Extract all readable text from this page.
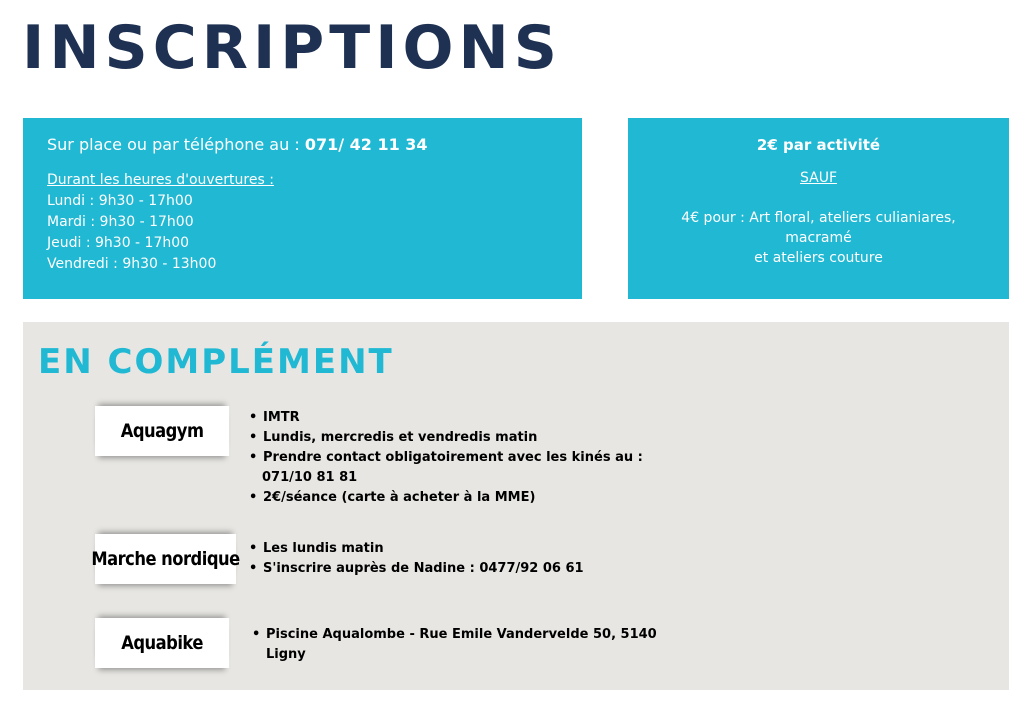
INSCRIPTIONS
Sur place ou par téléphone au : 071/ 42 11 34
Durant les heures d'ouvertures :
Lundi : 9h30 - 17h00
Mardi : 9h30 - 17h00
Jeudi : 9h30 - 17h00
Vendredi : 9h30 - 13h00
2€ par activité
SAUF
4€ pour : Art floral, ateliers culianiares, macramé
et ateliers couture
EN COMPLÉMENT
Aquagym
• IMTR
• Lundis, mercredis et vendredis matin
• Prendre contact obligatoirement avec les kinés au :
071/10 81 81
• 2€/séance (carte à acheter à la MME)
Marche nordique	• Les lundis matin
• S'inscrire auprès de Nadine : 0477/92 06 61
Aquabike	• Piscine Aqualombe - Rue Emile Vandervelde 50, 5140
Ligny
